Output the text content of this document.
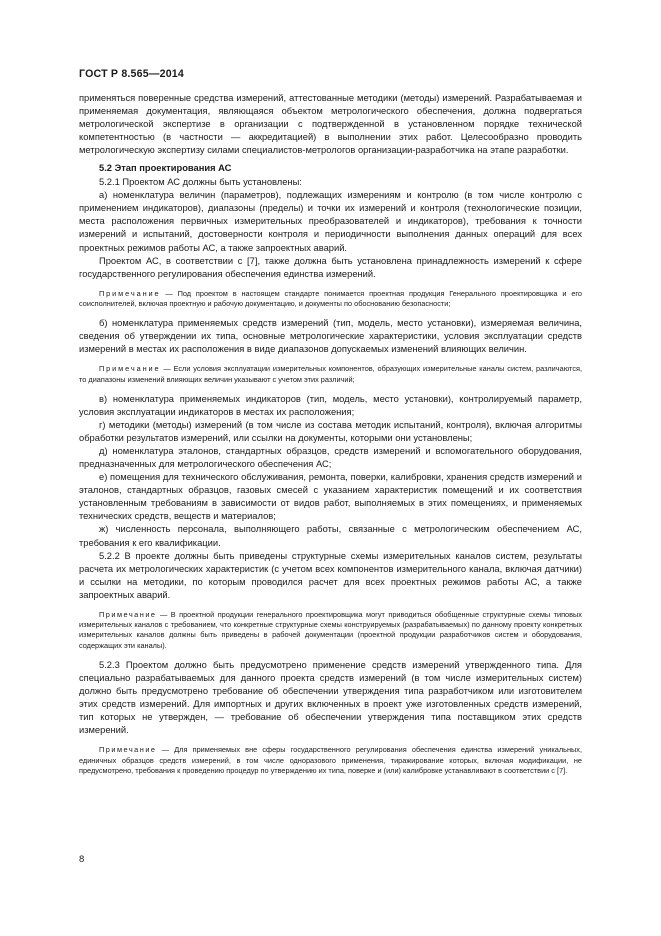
ГОСТ Р 8.565—2014

применяться поверенные средства измерений, аттестованные методики (методы) измерений. Разрабатываемая и применяемая документация, являющаяся объектом метрологического обеспечения, должна подвергаться метрологической экспертизе в организации с подтвержденной в установленном порядке технической компетентностью (в частности — аккредитацией) в выполнении этих работ. Целесообразно проводить метрологическую экспертизу силами специалистов-метрологов организации-разработчика на этапе разработки.

5.2 Этап проектирования АС

5.2.1 Проектом АС должны быть установлены:

а) номенклатура величин (параметров), подлежащих измерениям и контролю (в том числе контролю с применением индикаторов), диапазоны (пределы) и точки их измерений и контроля (технологические позиции, места расположения первичных измерительных преобразователей и индикаторов), требования к точности измерений и испытаний, достоверности контроля и периодичности выполнения данных операций для всех проектных режимов работы АС, а также запроектных аварий.

Проектом АС, в соответствии с [7], также должна быть установлена принадлежность измерений к сфере государственного регулирования обеспечения единства измерений.

Примечание — Под проектом в настоящем стандарте понимается проектная продукция Генерального проектировщика и его соисполнителей, включая проектную и рабочую документацию, и документы по обоснованию безопасности;

б) номенклатура применяемых средств измерений (тип, модель, место установки), измеряемая величина, сведения об утверждении их типа, основные метрологические характеристики, условия эксплуатации средств измерений в местах их расположения в виде диапазонов допускаемых изменений влияющих величин.

Примечание — Если условия эксплуатации измерительных компонентов, образующих измерительные каналы систем, различаются, то диапазоны изменений влияющих величин указывают с учетом этих различий;

в) номенклатура применяемых индикаторов (тип, модель, место установки), контролируемый параметр, условия эксплуатации индикаторов в местах их расположения;

г) методики (методы) измерений (в том числе из состава методик испытаний, контроля), включая алгоритмы обработки результатов измерений, или ссылки на документы, которыми они установлены;

д) номенклатура эталонов, стандартных образцов, средств измерений и вспомогательного оборудования, предназначенных для метрологического обеспечения АС;

е) помещения для технического обслуживания, ремонта, поверки, калибровки, хранения средств измерений и эталонов, стандартных образцов, газовых смесей с указанием характеристик помещений и их соответствия установленным требованиям в зависимости от видов работ, выполняемых в этих помещениях, и применяемых технических средств, веществ и материалов;

ж) численность персонала, выполняющего работы, связанные с метрологическим обеспечением АС, требования к его квалификации.

5.2.2 В проекте должны быть приведены структурные схемы измерительных каналов систем, результаты расчета их метрологических характеристик (с учетом всех компонентов измерительного канала, включая датчики) и ссылки на методики, по которым проводился расчет для всех проектных режимов работы АС, а также запроектных аварий.

Примечание — В проектной продукции генерального проектировщика могут приводиться обобщенные структурные схемы типовых измерительных каналов с требованием, что конкретные структурные схемы конструируемых (разрабатываемых) по данному проекту конкретных измерительных каналов должны быть приведены в рабочей документации (проектной продукции разработчиков систем и оборудования, содержащих эти каналы).

5.2.3 Проектом должно быть предусмотрено применение средств измерений утвержденного типа. Для специально разрабатываемых для данного проекта средств измерений (в том числе измерительных систем) должно быть предусмотрено требование об обеспечении утверждения типа разработчиком или изготовителем этих средств измерений. Для импортных и других включенных в проект уже изготовленных средств измерений, тип которых не утвержден, — требование об обеспечении утверждения типа поставщиком этих средств измерений.

Примечание — Для применяемых вне сферы государственного регулирования обеспечения единства измерений уникальных, единичных образцов средств измерений, в том числе одноразового применения, тиражирование которых, включая модификации, не предусмотрено, требования к проведению процедур по утверждению их типа, поверке и (или) калибровке устанавливают в соответствии с [7].

8
